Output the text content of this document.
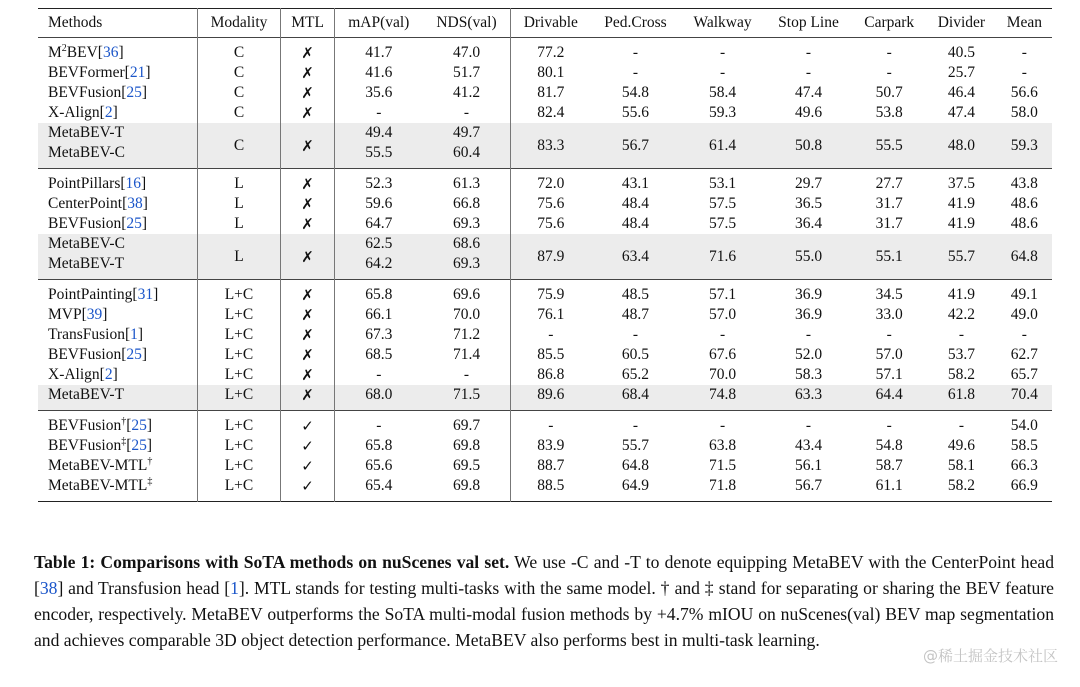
Methods	Modality	MTL	mAP(val)	NDS(val)	Drivable	Ped.Cross	Walkway	Stop Line	Carpark	Divider	Mean
$M^2BEV[36]$	C	✗	41.7	47.0	77.2	-	-	-	-	40.5	-
BEVFormer[21]	C	✗	41.6	51.7	80.1	-	-	-	-	25.7	-
BEVFusion[25]	C	✗	35.6	41.2	81.7	54.8	58.4	47.4	50.7	46.4	56.6
X-Align[2]	C	✗	-	-	82.4	55.6	59.3	49.6	53.8	47.4	58.0
MetaBEV-T	C	✗	49.4	49.7	83.3	56.7	61.4	50.8	55.5	48.0	59.3
MetaBEV-C			55.5	60.4							
PointPillars[16]	L	✗	52.3	61.3	72.0	43.1	53.1	29.7	27.7	37.5	43.8
CenterPoint[38]	L	✗	59.6	66.8	75.6	48.4	57.5	36.5	31.7	41.9	48.6
BEVFusion[25]	L	✗	64.7	69.3	75.6	48.4	57.5	36.4	31.7	41.9	48.6
MetaBEV-C	L	✗	62.5	68.6	87.9	63.4	71.6	55.0	55.1	55.7	64.8
MetaBEV-T			64.2	69.3							
PointPainting[31]	L+C	✗	65.8	69.6	75.9	48.5	57.1	36.9	34.5	41.9	49.1
MVP[39]	L+C	✗	66.1	70.0	76.1	48.7	57.0	36.9	33.0	42.2	49.0
TransFusion[1]	L+C	✗	67.3	71.2	-	-	-	-	-	-	-
BEVFusion[25]	L+C	✗	68.5	71.4	85.5	60.5	67.6	52.0	57.0	53.7	62.7
X-Align[2]	L+C	✗	-	-	86.8	65.2	70.0	58.3	57.1	58.2	65.7
MetaBEV-T	L+C	✗	68.0	71.5	89.6	68.4	74.8	63.3	64.4	61.8	70.4
BEVFusion†[25]	L+C	✓	-	69.7	-	-	-	-	-	-	54.0
BEVFusion‡[25]	L+C	✓	65.8	69.8	83.9	55.7	63.8	43.4	54.8	49.6	58.5
MetaBEV-MTL†	L+C	✓	65.6	69.5	88.7	64.8	71.5	56.1	58.7	58.1	66.3
MetaBEV-MTL‡	L+C	✓	65.4	69.8	88.5	64.9	71.8	56.7	61.1	58.2	66.9
Table 1: Comparisons with SoTA methods on nuScenes val set. We use -C and -T to denote equipping MetaBEV with the CenterPoint head [38] and Transfusion head [1]. MTL stands for testing multi-tasks with the same model. † and ‡ stand for separating or sharing the BEV feature encoder, respectively. MetaBEV outperforms the SoTA multi-modal fusion methods by +4.7% mIOU on nuScenes(val) BEV map segmentation and achieves comparable 3D object detection performance. MetaBEV also performs best in multi-task learning.
@稀土掘金技术社区
